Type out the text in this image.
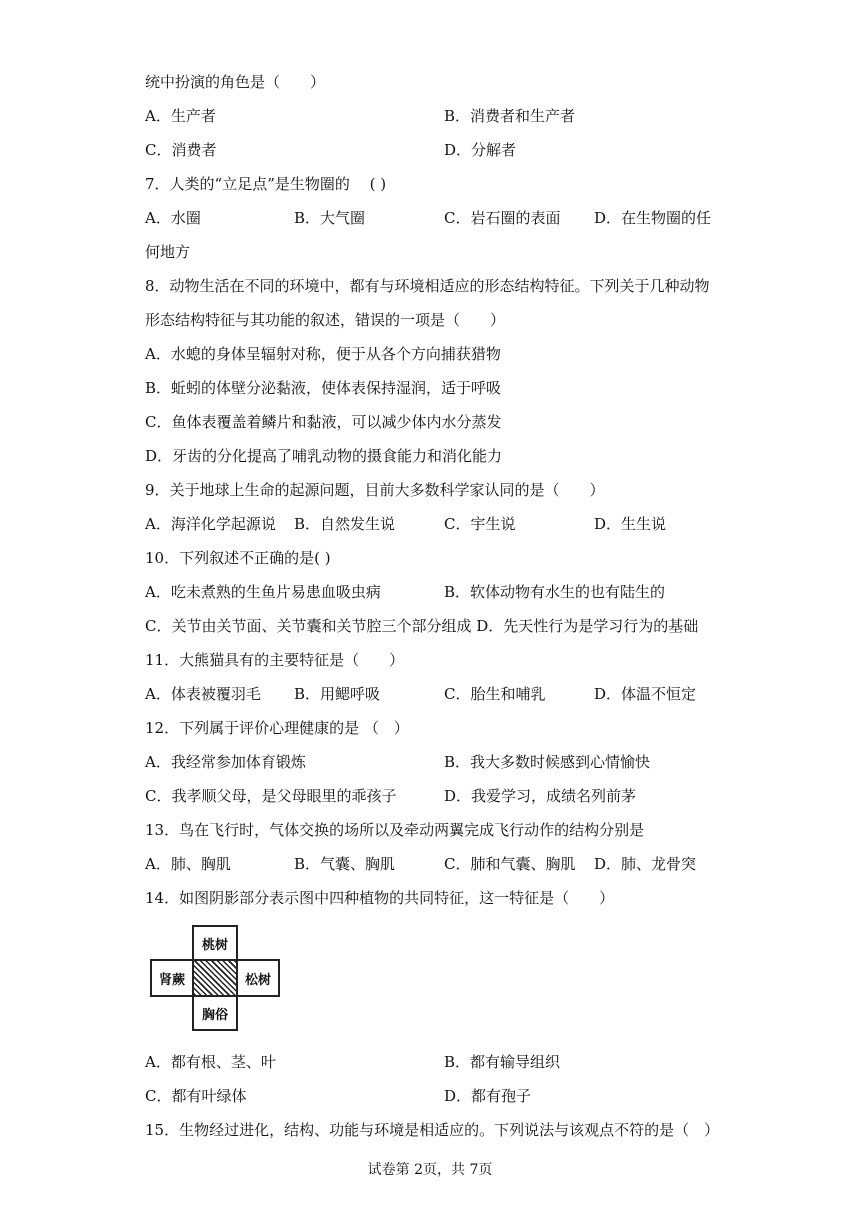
统中扮演的角色是（　　）
A．生产者	B．消费者和生产者
C．消费者	D．分解者
7．人类的“立足点”是生物圈的　 ( )
A．水圈	B．大气圈	C．岩石圈的表面 D．在生物圈的任
何地方
8．动物生活在不同的环境中，都有与环境相适应的形态结构特征。下列关于几种动物
形态结构特征与其功能的叙述，错误的一项是（　　）
A．水螅的身体呈辐射对称，便于从各个方向捕获猎物
B．蚯蚓的体壁分泌黏液，使体表保持湿润，适于呼吸
C．鱼体表覆盖着鳞片和黏液，可以减少体内水分蒸发
D．牙齿的分化提高了哺乳动物的摄食能力和消化能力
9．关于地球上生命的起源问题，目前大多数科学家认同的是（　　）
A．海洋化学起源说 B．自然发生说	C．宇生说	D．生生说
10．下列叙述不正确的是( )
A．吃未煮熟的生鱼片易患血吸虫病	B．软体动物有水生的也有陆生的
C．关节由关节面、关节囊和关节腔三个部分组成 D．先天性行为是学习行为的基础
11．大熊猫具有的主要特征是（　　）
A．体表被覆羽毛 B．用鳃呼吸	C．胎生和哺乳	D．体温不恒定
12．下列属于评价心理健康的是 （　）
A．我经常参加体育锻炼	B．我大多数时候感到心情愉快
C．我孝顺父母，是父母眼里的乖孩子	D．我爱学习，成绩名列前茅
13．鸟在飞行时，气体交换的场所以及牵动两翼完成飞行动作的结构分别是
A．肺、胸肌	B．气囊、胸肌	C．肺和气囊、胸肌 D．肺、龙骨突
14．如图阴影部分表示图中四种植物的共同特征，这一特征是（　　）
桃树
肾蕨	松树
胸俗
A．都有根、茎、叶	B．都有输导组织
C．都有叶绿体	D．都有孢子
15．生物经过进化，结构、功能与环境是相适应的。下列说法与该观点不符的是（　）
试卷第 2页，共 7页
